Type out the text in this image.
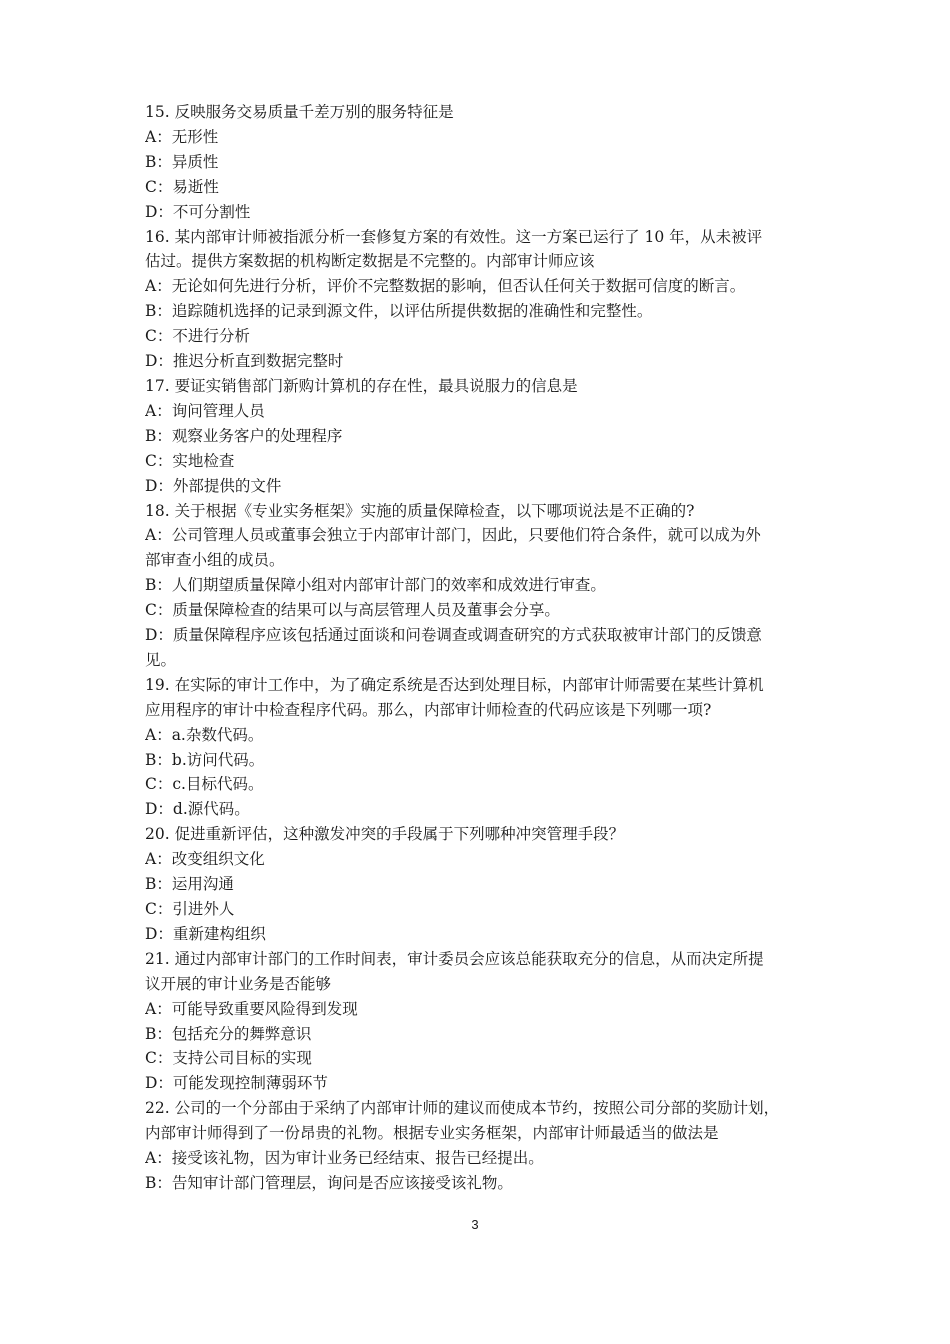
15. 反映服务交易质量千差万别的服务特征是
A：无形性
B：异质性
C：易逝性
D：不可分割性
16. 某内部审计师被指派分析一套修复方案的有效性。这一方案已运行了 10 年，从未被评
估过。提供方案数据的机构断定数据是不完整的。内部审计师应该
A：无论如何先进行分析，评价不完整数据的影响，但否认任何关于数据可信度的断言。
B：追踪随机选择的记录到源文件，以评估所提供数据的准确性和完整性。
C：不进行分析
D：推迟分析直到数据完整时
17. 要证实销售部门新购计算机的存在性，最具说服力的信息是
A：询问管理人员
B：观察业务客户的处理程序
C：实地检查
D：外部提供的文件
18. 关于根据《专业实务框架》实施的质量保障检查，以下哪项说法是不正确的?
A：公司管理人员或董事会独立于内部审计部门，因此，只要他们符合条件，就可以成为外
部审查小组的成员。
B：人们期望质量保障小组对内部审计部门的效率和成效进行审查。
C：质量保障检查的结果可以与高层管理人员及董事会分享。
D：质量保障程序应该包括通过面谈和问卷调查或调查研究的方式获取被审计部门的反馈意
见。
19. 在实际的审计工作中，为了确定系统是否达到处理目标，内部审计师需要在某些计算机
应用程序的审计中检查程序代码。那么，内部审计师检查的代码应该是下列哪一项?
A：a.杂数代码。
B：b.访问代码。
C：c.目标代码。
D：d.源代码。
20. 促进重新评估，这种激发冲突的手段属于下列哪种冲突管理手段？
A：改变组织文化
B：运用沟通
C：引进外人
D：重新建构组织
21. 通过内部审计部门的工作时间表，审计委员会应该总能获取充分的信息，从而决定所提
议开展的审计业务是否能够
A：可能导致重要风险得到发现
B：包括充分的舞弊意识
C：支持公司目标的实现
D：可能发现控制薄弱环节
22. 公司的一个分部由于采纳了内部审计师的建议而使成本节约，按照公司分部的奖励计划，
内部审计师得到了一份昂贵的礼物。根据专业实务框架，内部审计师最适当的做法是
A：接受该礼物，因为审计业务已经结束、报告已经提出。
B：告知审计部门管理层，询问是否应该接受该礼物。
3
